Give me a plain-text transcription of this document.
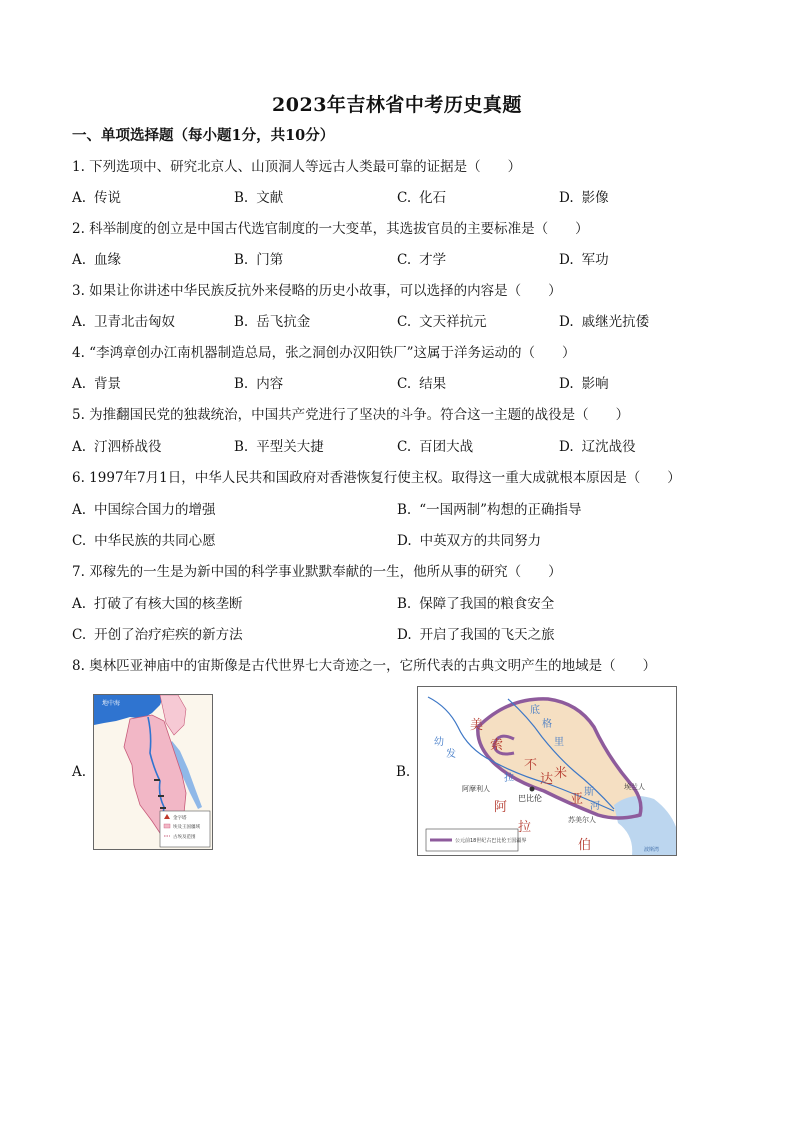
2023年吉林省中考历史真题
一、单项选择题（每小题1分，共10分）
1. 下列选项中、研究北京人、山顶洞人等远古人类最可靠的证据是（　　）
A. 传说	B. 文献	C. 化石	D. 影像
2. 科举制度的创立是中国古代选官制度的一大变革，其选拔官员的主要标准是（　　）
A. 血缘	B. 门第	C. 才学	D. 军功
3. 如果让你讲述中华民族反抗外来侵略的历史小故事，可以选择的内容是（　　）
A. 卫青北击匈奴	B. 岳飞抗金	C. 文天祥抗元	D. 戚继光抗倭
4. “李鸿章创办江南机器制造总局，张之洞创办汉阳铁厂”这属于洋务运动的（　　）
A. 背景	B. 内容	C. 结果	D. 影响
5. 为推翻国民党的独裁统治，中国共产党进行了坚决的斗争。符合这一主题的战役是（　　）
A. 汀泗桥战役	B. 平型关大捷	C. 百团大战	D. 辽沈战役
6. 1997年7月1日，中华人民共和国政府对香港恢复行使主权。取得这一重大成就根本原因是（　　）
A. 中国综合国力的增强	B. “一国两制”构想的正确指导
C. 中华民族的共同心愿	D. 中英双方的共同努力
7. 邓稼先的一生是为新中国的科学事业默默奉献的一生，他所从事的研究（　　）
A. 打破了有核大国的核垄断	B. 保障了我国的粮食安全
C. 开创了治疗疟疾的新方法	D. 开启了我国的飞天之旅
8. 奥林匹亚神庙中的宙斯像是古代世界七大奇迹之一，它所代表的古典文明产生的地域是（　　）
A.	B.
地中海
金字塔
埃及王国疆域
古埃及范围
美
索
不
达 米
亚
阿
拉
伯
幼
发
拉
底
格
里
斯
河
阿摩利人
苏美尔人
埃兰人
波斯湾
巴比伦
公元前18世纪古巴比伦王国疆界
